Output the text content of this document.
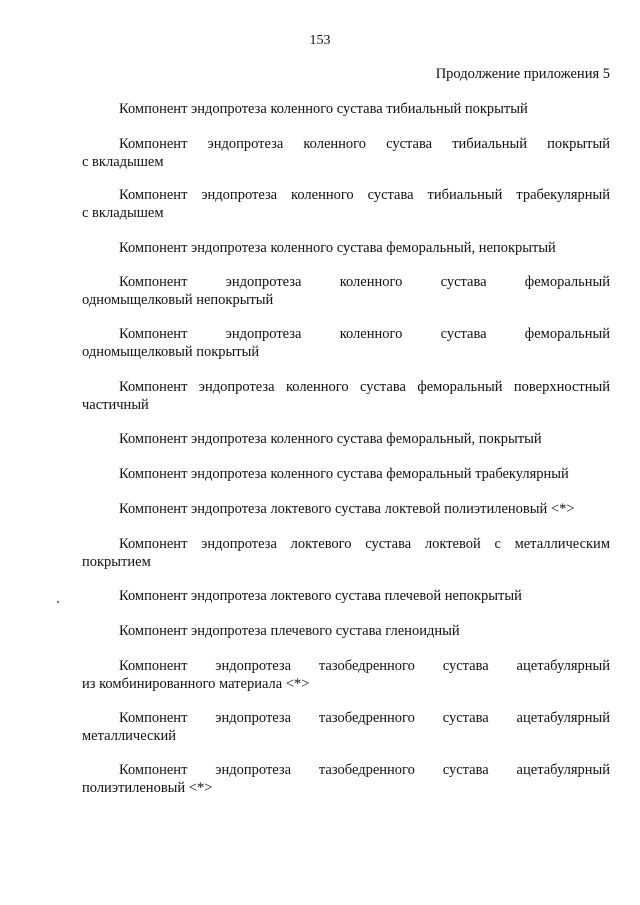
153
Продолжение приложения 5
Компонент эндопротеза коленного сустава тибиальный покрытый
Компонент эндопротеза коленного сустава тибиальный покрытый
с вкладышем
Компонент эндопротеза коленного сустава тибиальный трабекулярный
с вкладышем
Компонент эндопротеза коленного сустава феморальный, непокрытый
Компонент эндопротеза коленного сустава феморальный
одномыщелковый непокрытый
Компонент эндопротеза коленного сустава феморальный
одномыщелковый покрытый
Компонент эндопротеза коленного сустава феморальный поверхностный
частичный
Компонент эндопротеза коленного сустава феморальный, покрытый
Компонент эндопротеза коленного сустава феморальный трабекулярный
Компонент эндопротеза локтевого сустава локтевой полиэтиленовый <*>
Компонент эндопротеза локтевого сустава локтевой с металлическим
покрытием
Компонент эндопротеза локтевого сустава плечевой непокрытый
Компонент эндопротеза плечевого сустава гленоидный
Компонент эндопротеза тазобедренного сустава ацетабулярный
из комбинированного материала <*>
Компонент эндопротеза тазобедренного сустава ацетабулярный
металлический
Компонент эндопротеза тазобедренного сустава ацетабулярный
полиэтиленовый <*>
